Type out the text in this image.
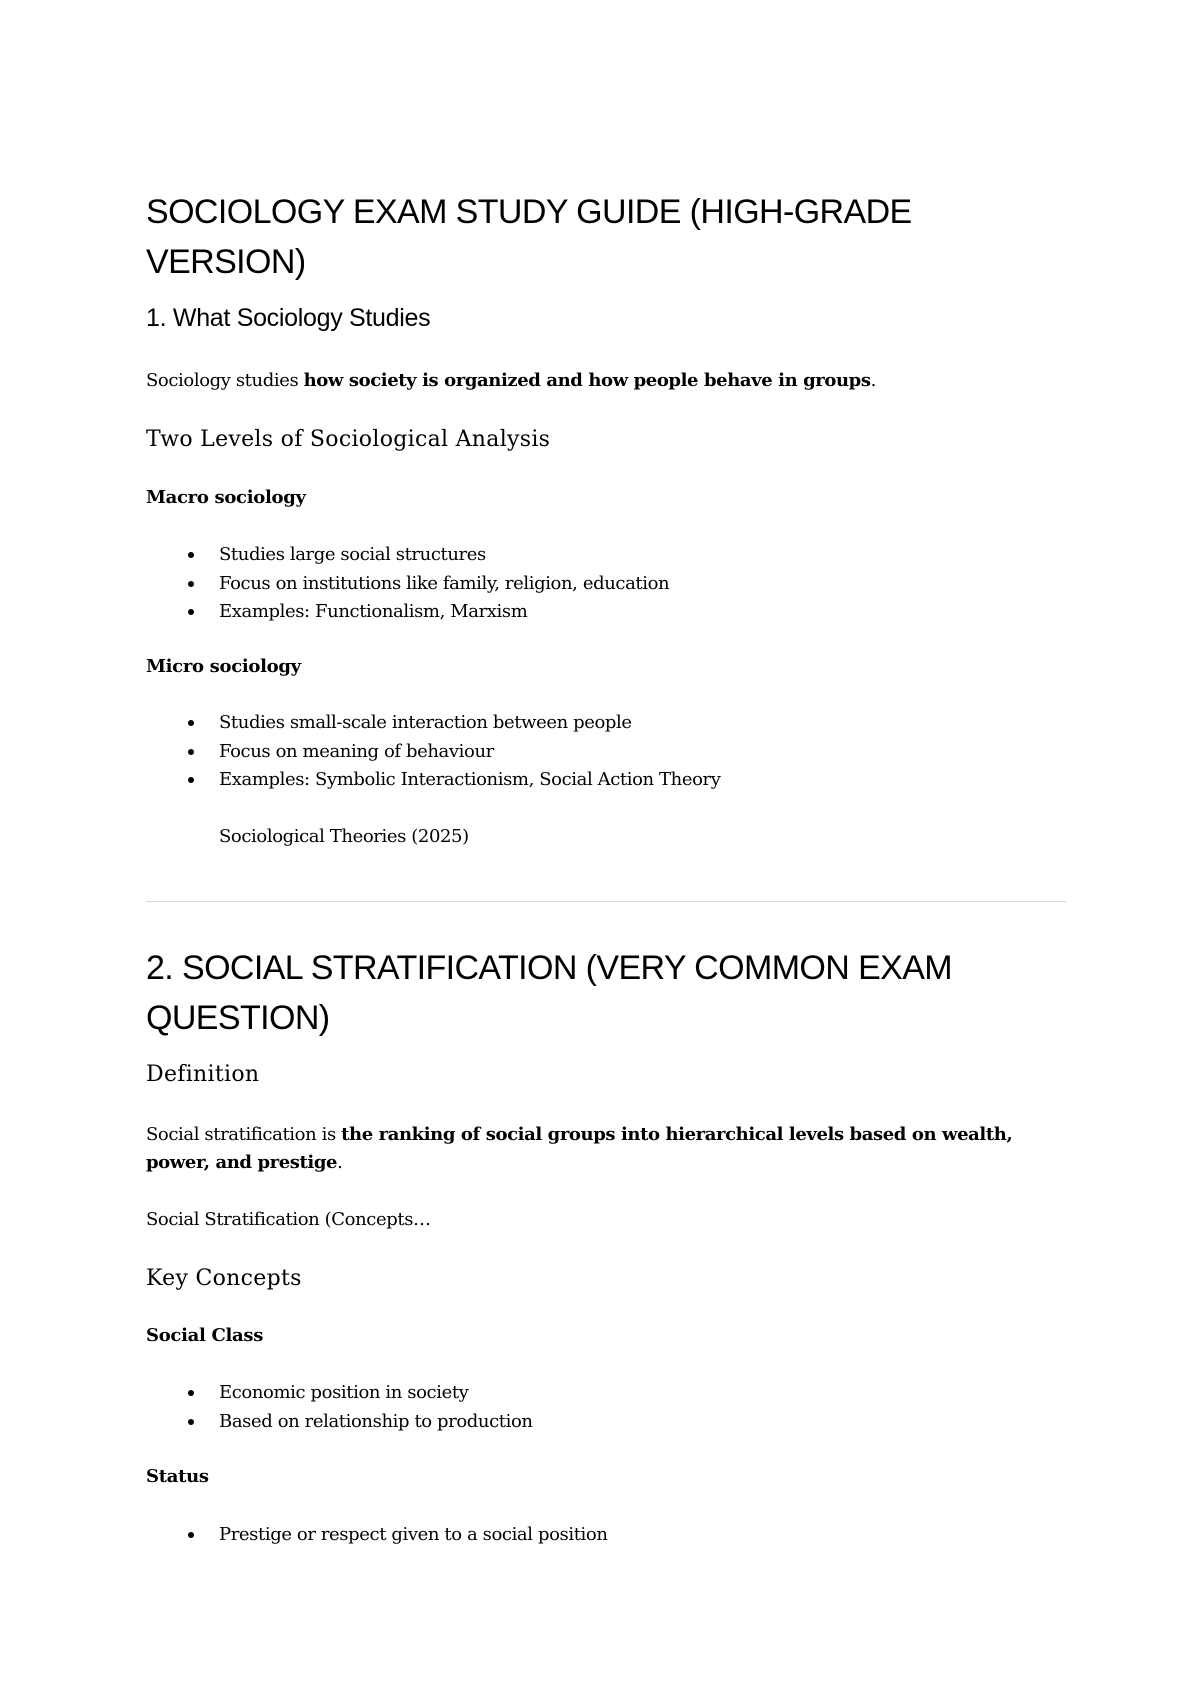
SOCIOLOGY EXAM STUDY GUIDE (HIGH-GRADE VERSION)
1. What Sociology Studies

Sociology studies how society is organized and how people behave in groups.

Two Levels of Sociological Analysis
Macro sociology
Studies large social structures
Focus on institutions like family, religion, education
Examples: Functionalism, Marxism
Micro sociology
Studies small-scale interaction between people
Focus on meaning of behaviour
Examples: Symbolic Interactionism, Social Action Theory

Sociological Theories (2025)

2. SOCIAL STRATIFICATION (VERY COMMON EXAM QUESTION)
Definition

Social stratification is the ranking of social groups into hierarchical levels based on wealth, power, and prestige.

Social Stratification (Concepts…

Key Concepts
Social Class
Economic position in society
Based on relationship to production
Status
Prestige or respect given to a social position
